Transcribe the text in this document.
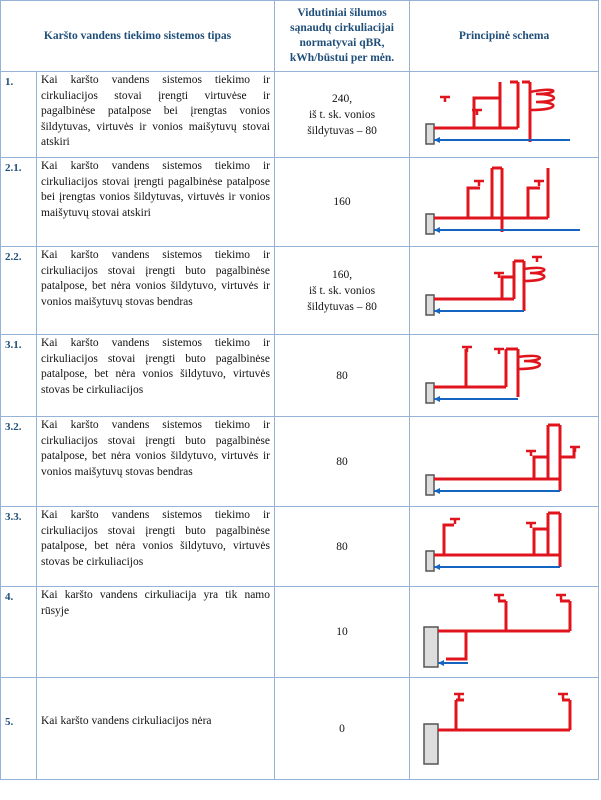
Karšto vandens tiekimo sistemos tipas		Vidutiniai šilumos sąnaudų cirkuliacijai normatyvai qBR, kWh/būstui per mėn.	Principinė schema
1.	Kai karšto vandens sistemos tiekimo ir cirkuliacijos stovai įrengti virtuvėse ir pagalbinėse patalpose bei įrengtas vonios šildytuvas, virtuvės ir vonios maišytuvų stovai atskiri	240,
iš t. sk. vonios
šildytuvas – 80

2.1.	Kai karšto vandens sistemos tiekimo ir cirkuliacijos stovai įrengti pagalbinėse patalpose bei įrengtas vonios šildytuvas, virtuvės ir vonios maišytuvų stovai atskiri	160	

2.2.	Kai karšto vandens sistemos tiekimo ir cirkuliacijos stovai įrengti buto pagalbinėse patalpose, bet nėra vonios šildytuvo, virtuvės ir vonios maišytuvų stovas bendras	160,
iš t. sk. vonios
šildytuvas – 80

3.1.	Kai karšto vandens sistemos tiekimo ir cirkuliacijos stovai įrengti buto pagalbinėse patalpose, bet nėra vonios šildytuvo, virtuvės stovas be cirkuliacijos	80	

3.2.	Kai karšto vandens sistemos tiekimo ir cirkuliacijos stovai įrengti buto pagalbinėse patalpose, bet nėra vonios šildytuvo, virtuvės ir vonios maišytuvų stovas bendras	80	

3.3.	Kai karšto vandens sistemos tiekimo ir cirkuliacijos stovai įrengti buto pagalbinėse patalpose, bet nėra vonios šildytuvo, virtuvės stovas be cirkuliacijos	80	

4.	Kai karšto vandens cirkuliacija yra tik namo rūsyje	10	

5.	Kai karšto vandens cirkuliacijos nėra	0	
